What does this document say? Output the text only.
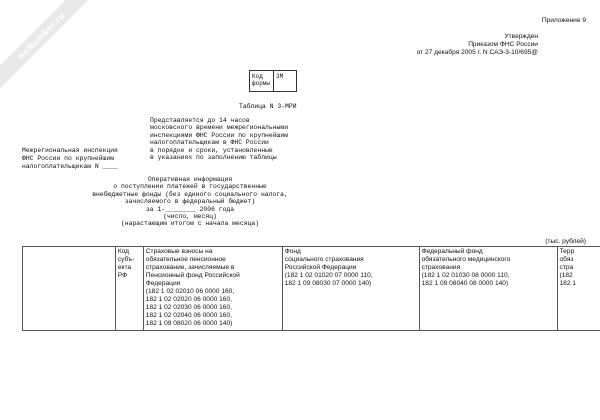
NoNumber.ru	Приложение 9
Утвержден
Приказом ФНС России
от 27 декабря 2005 г. N САЭ-3-10/695@
Код
формы
3М
Таблица N 3-МРИ
Представляется до 14 часов
московского времени межрегиональными
инспекциями ФНС России по крупнейшим
налогоплательщикам в ФНС России
в порядке и сроки, установленные
в указаниях по заполнению таблицы
Межрегиональная инспекция
ФНС России по крупнейшим
налогоплательщикам N ____
Оперативная информация
о поступлении платежей в государственные
внебюджетные фонды (без единого социального налога,
зачисляемого в федеральный бюджет)
за 1-________ 2006 года
(число, месяц)
(нарастающим итогом с начала месяца)
(тыс. рублей)
	Код
субъ-
екта
РФ	Страховые взносы на
обязательное пенсионное
страхование, зачисляемые в
Пенсионный фонд Российской
Федерации
(182 1 02 02010 06 0000 160,
182 1 02 02020 06 0000 160,
182 1 02 02030 06 0000 160,
182 1 02 02040 06 0000 160,
182 1 09 08020 06 0000 140)	Фонд
социального страхования
Российской Федерации
(182 1 02 01020 07 0000 110,
182 1 09 08030 07 0000 140)	Федеральный фонд
обязательного медицинского
страхования
(182 1 02 01030 08 0000 110,
182 1 09 08040 08 0000 140)	Терр
обяз
стра
(182
182 1
